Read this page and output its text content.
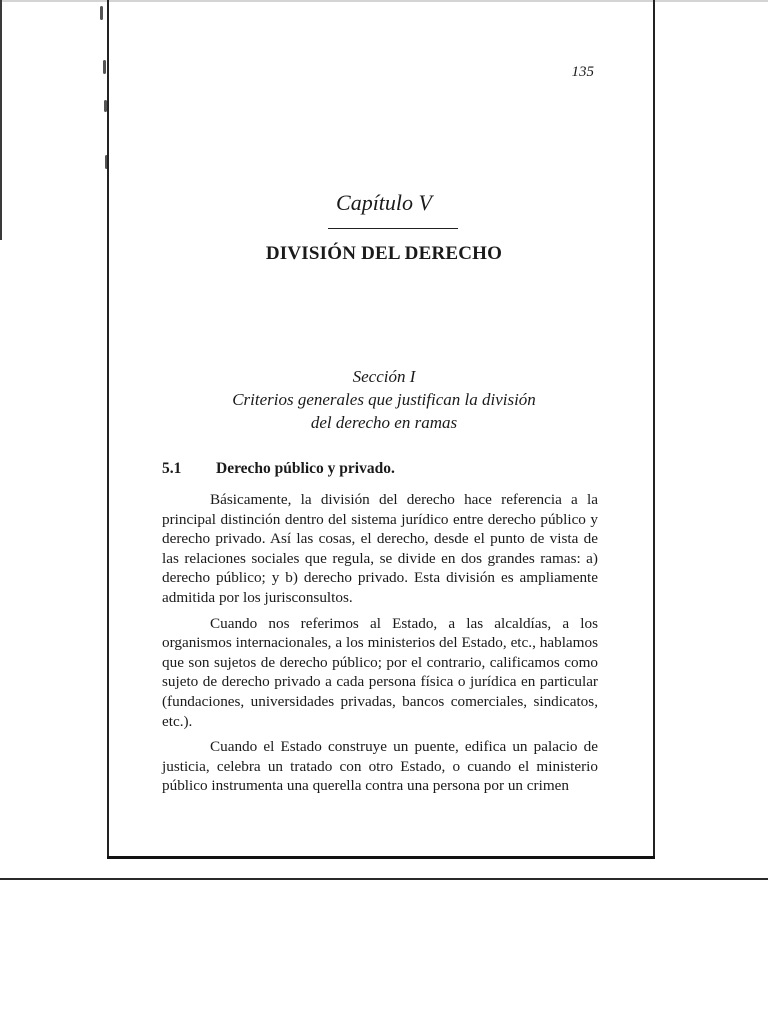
135
Capítulo V
DIVISIÓN DEL DERECHO
Sección I
Criterios generales que justifican la división
del derecho en ramas
5.1 Derecho público y privado.

Básicamente, la división del derecho hace referencia a la principal distinción dentro del sistema jurídico entre derecho público y derecho privado. Así las cosas, el derecho, desde el punto de vista de las relaciones sociales que regula, se divide en dos grandes ramas: a) derecho público; y b) derecho privado. Esta división es ampliamente admitida por los jurisconsultos.

Cuando nos referimos al Estado, a las alcaldías, a los organismos internacionales, a los ministerios del Estado, etc., hablamos que son sujetos de derecho público; por el contrario, calificamos como sujeto de derecho privado a cada persona física o jurídica en particular (fundaciones, universidades privadas, bancos comerciales, sindicatos, etc.).

Cuando el Estado construye un puente, edifica un palacio de justicia, celebra un tratado con otro Estado, o cuando el ministerio público instrumenta una querella contra una persona por un crimen
